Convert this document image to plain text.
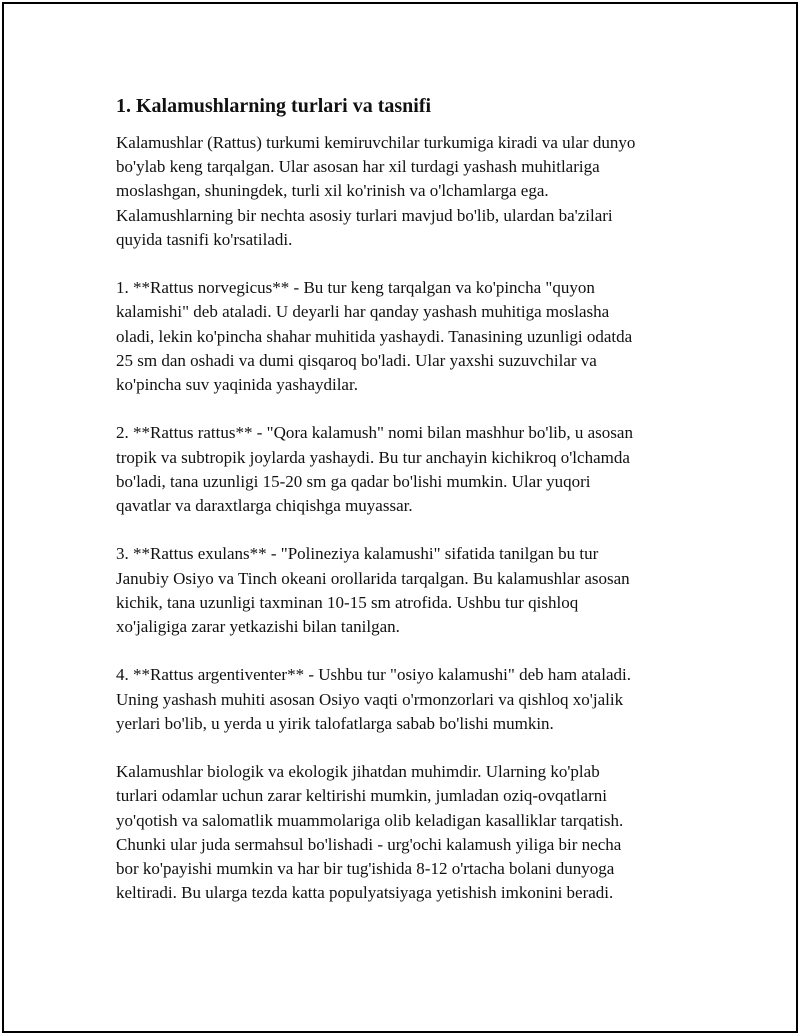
1. Kalamushlarning turlari va tasnifi

Kalamushlar (Rattus) turkumi kemiruvchilar turkumiga kiradi va ular dunyo
bo'ylab keng tarqalgan. Ular asosan har xil turdagi yashash muhitlariga
moslashgan, shuningdek, turli xil ko'rinish va o'lchamlarga ega.
Kalamushlarning bir nechta asosiy turlari mavjud bo'lib, ulardan ba'zilari
quyida tasnifi ko'rsatiladi.

1. **Rattus norvegicus** - Bu tur keng tarqalgan va ko'pincha "quyon
kalamishi" deb ataladi. U deyarli har qanday yashash muhitiga moslasha
oladi, lekin ko'pincha shahar muhitida yashaydi. Tanasining uzunligi odatda
25 sm dan oshadi va dumi qisqaroq bo'ladi. Ular yaxshi suzuvchilar va
ko'pincha suv yaqinida yashaydilar.

2. **Rattus rattus** - "Qora kalamush" nomi bilan mashhur bo'lib, u asosan
tropik va subtropik joylarda yashaydi. Bu tur anchayin kichikroq o'lchamda
bo'ladi, tana uzunligi 15-20 sm ga qadar bo'lishi mumkin. Ular yuqori
qavatlar va daraxtlarga chiqishga muyassar.

3. **Rattus exulans** - "Polineziya kalamushi" sifatida tanilgan bu tur
Janubiy Osiyo va Tinch okeani orollarida tarqalgan. Bu kalamushlar asosan
kichik, tana uzunligi taxminan 10-15 sm atrofida. Ushbu tur qishloq
xo'jaligiga zarar yetkazishi bilan tanilgan.

4. **Rattus argentiventer** - Ushbu tur "osiyo kalamushi" deb ham ataladi.
Uning yashash muhiti asosan Osiyo vaqti o'rmonzorlari va qishloq xo'jalik
yerlari bo'lib, u yerda u yirik talofatlarga sabab bo'lishi mumkin.

Kalamushlar biologik va ekologik jihatdan muhimdir. Ularning ko'plab
turlari odamlar uchun zarar keltirishi mumkin, jumladan oziq-ovqatlarni
yo'qotish va salomatlik muammolariga olib keladigan kasalliklar tarqatish.
Chunki ular juda sermahsul bo'lishadi - urg'ochi kalamush yiliga bir necha
bor ko'payishi mumkin va har bir tug'ishida 8-12 o'rtacha bolani dunyoga
keltiradi. Bu ularga tezda katta populyatsiyaga yetishish imkonini beradi.
